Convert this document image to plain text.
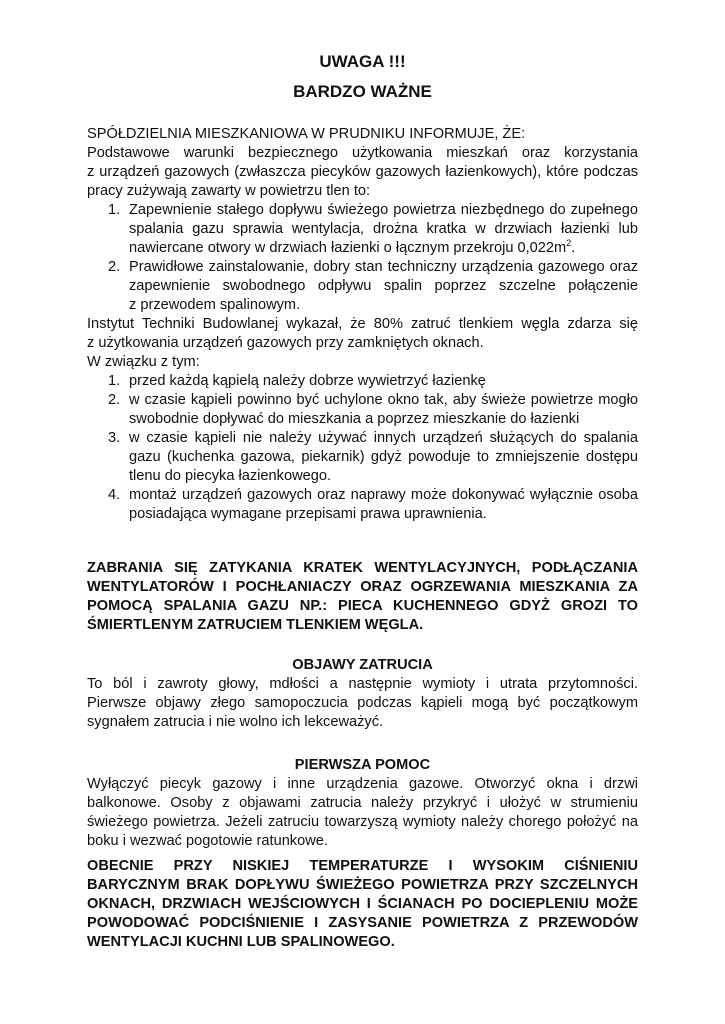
UWAGA !!!
BARDZO WAŻNE
SPÓŁDZIELNIA MIESZKANIOWA W PRUDNIKU INFORMUJE, ŻE:
Podstawowe warunki bezpiecznego użytkowania mieszkań oraz korzystania
z urządzeń gazowych (zwłaszcza piecyków gazowych łazienkowych), które podczas
pracy zużywają zawarty w powietrzu tlen to:
1. Zapewnienie stałego dopływu świeżego powietrza niezbędnego do zupełnego
spalania gazu sprawia wentylacja, drożna kratka w drzwiach łazienki lub
nawiercane otwory w drzwiach łazienki o łącznym przekroju $0,022m^2$.
2. Prawidłowe zainstalowanie, dobry stan techniczny urządzenia gazowego oraz
zapewnienie swobodnego odpływu spalin poprzez szczelne połączenie
z przewodem spalinowym.
Instytut Techniki Budowlanej wykazał, że 80% zatruć tlenkiem węgla zdarza się
z użytkowania urządzeń gazowych przy zamkniętych oknach.
W związku z tym:
1. przed każdą kąpielą należy dobrze wywietrzyć łazienkę
2. w czasie kąpieli powinno być uchylone okno tak, aby świeże powietrze mogło
swobodnie dopływać do mieszkania a poprzez mieszkanie do łazienki
3. w czasie kąpieli nie należy używać innych urządzeń służących do spalania
gazu (kuchenka gazowa, piekarnik) gdyż powoduje to zmniejszenie dostępu
tlenu do piecyka łazienkowego.
4. montaż urządzeń gazowych oraz naprawy może dokonywać wyłącznie osoba
posiadająca wymagane przepisami prawa uprawnienia.
ZABRANIA SIĘ ZATYKANIA KRATEK WENTYLACYJNYCH, PODŁĄCZANIA
WENTYLATORÓW I POCHŁANIACZY ORAZ OGRZEWANIA MIESZKANIA ZA
POMOCĄ SPALANIA GAZU NP.: PIECA KUCHENNEGO GDYŻ GROZI TO
ŚMIERTLENYM ZATRUCIEM TLENKIEM WĘGLA.
OBJAWY ZATRUCIA
To ból i zawroty głowy, mdłości a następnie wymioty i utrata przytomności.
Pierwsze objawy złego samopoczucia podczas kąpieli mogą być początkowym
sygnałem zatrucia i nie wolno ich lekceważyć.
PIERWSZA POMOC
Wyłączyć piecyk gazowy i inne urządzenia gazowe. Otworzyć okna i drzwi
balkonowe. Osoby z objawami zatrucia należy przykryć i ułożyć w strumieniu
świeżego powietrza. Jeżeli zatruciu towarzyszą wymioty należy chorego położyć na
boku i wezwać pogotowie ratunkowe.
OBECNIE PRZY NISKIEJ TEMPERATURZE I WYSOKIM CIŚNIENIU
BARYCZNYM BRAK DOPŁYWU ŚWIEŻEGO POWIETRZA PRZY SZCZELNYCH
OKNACH, DRZWIACH WEJŚCIOWYCH I ŚCIANACH PO DOCIEPLENIU MOŻE
POWODOWAĆ PODCIŚNIENIE I ZASYSANIE POWIETRZA Z PRZEWODÓW
WENTYLACJI KUCHNI LUB SPALINOWEGO.
